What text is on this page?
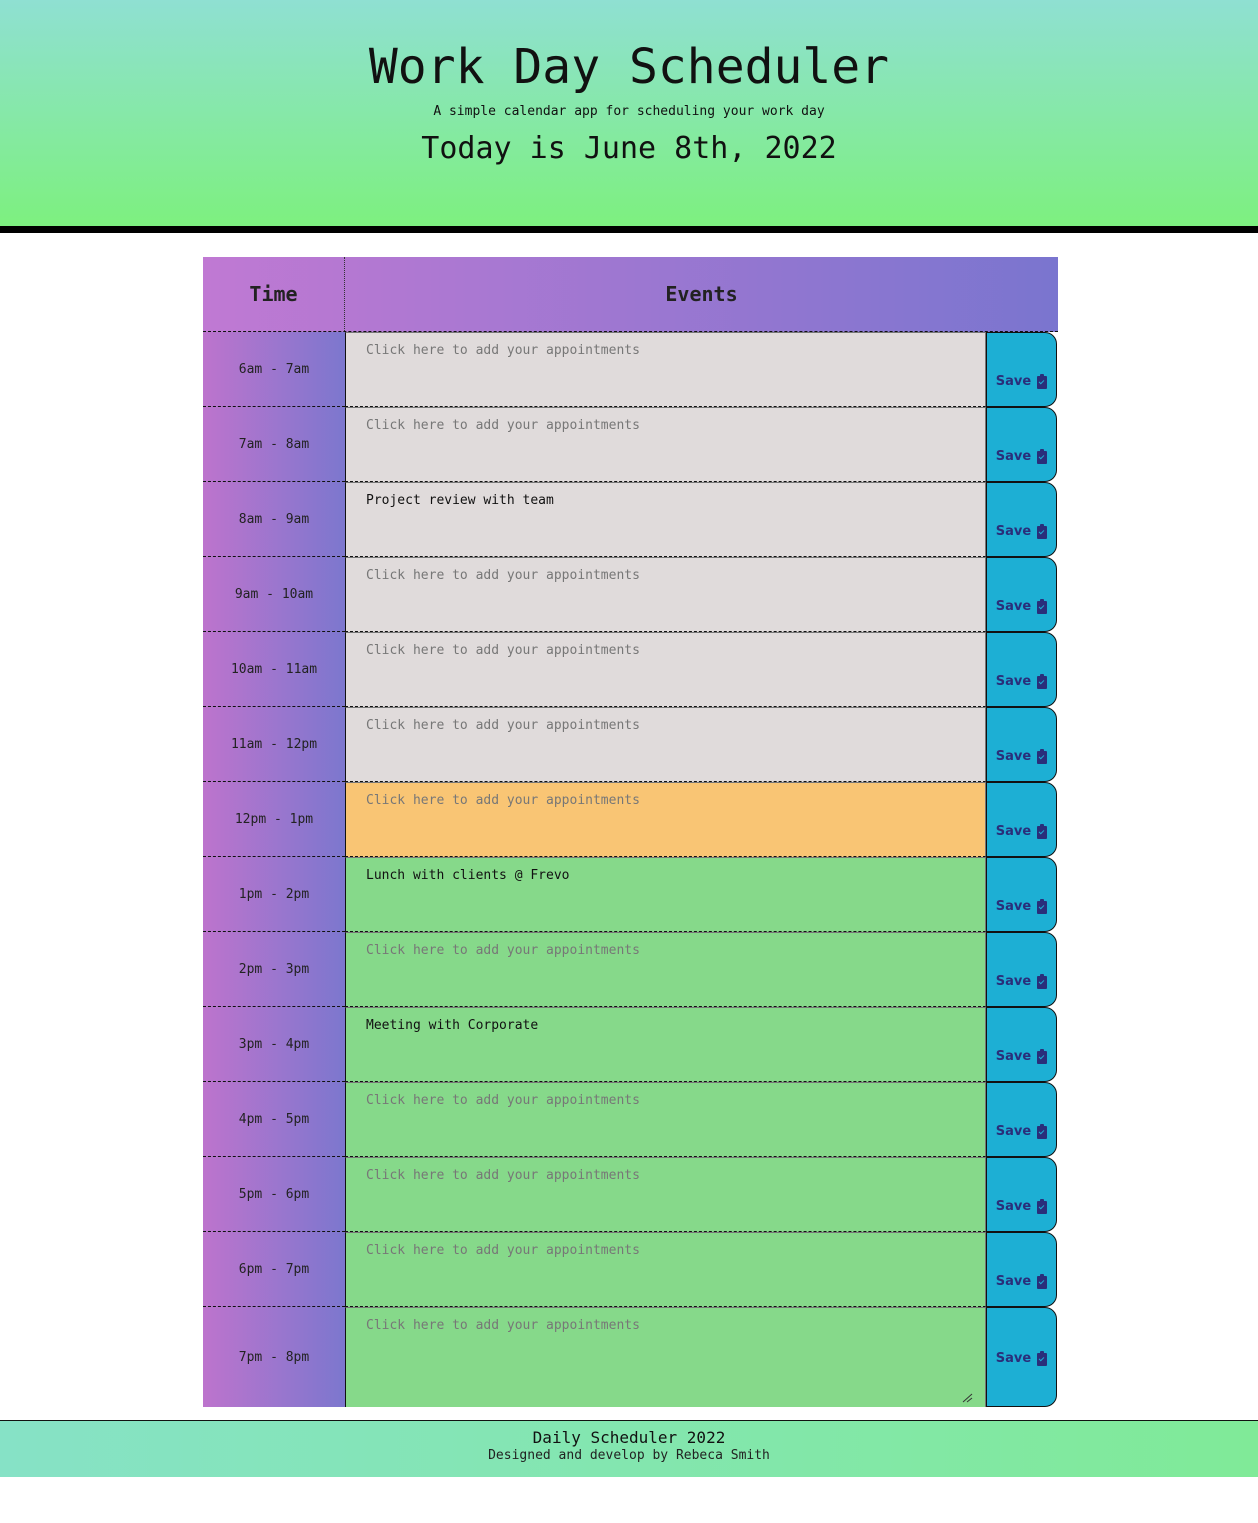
Work Day Scheduler

A simple calendar app for scheduling your work day

Today is June 8th, 2022

Time	Events
6am - 7am
Click here to add your appointments
Save
7am - 8am
Click here to add your appointments
Save
8am - 9am
Project review with team
Save
9am - 10am
Click here to add your appointments
Save
10am - 11am
Click here to add your appointments
Save
11am - 12pm
Click here to add your appointments
Save
12pm - 1pm
Click here to add your appointments
Save
1pm - 2pm
Lunch with clients @ Frevo
Save
2pm - 3pm
Click here to add your appointments
Save
3pm - 4pm
Meeting with Corporate
Save
4pm - 5pm
Click here to add your appointments
Save
5pm - 6pm
Click here to add your appointments
Save
6pm - 7pm
Click here to add your appointments
Save
7pm - 8pm
Click here to add your appointments	Save
Daily Scheduler 2022
Designed and develop by Rebeca Smith
